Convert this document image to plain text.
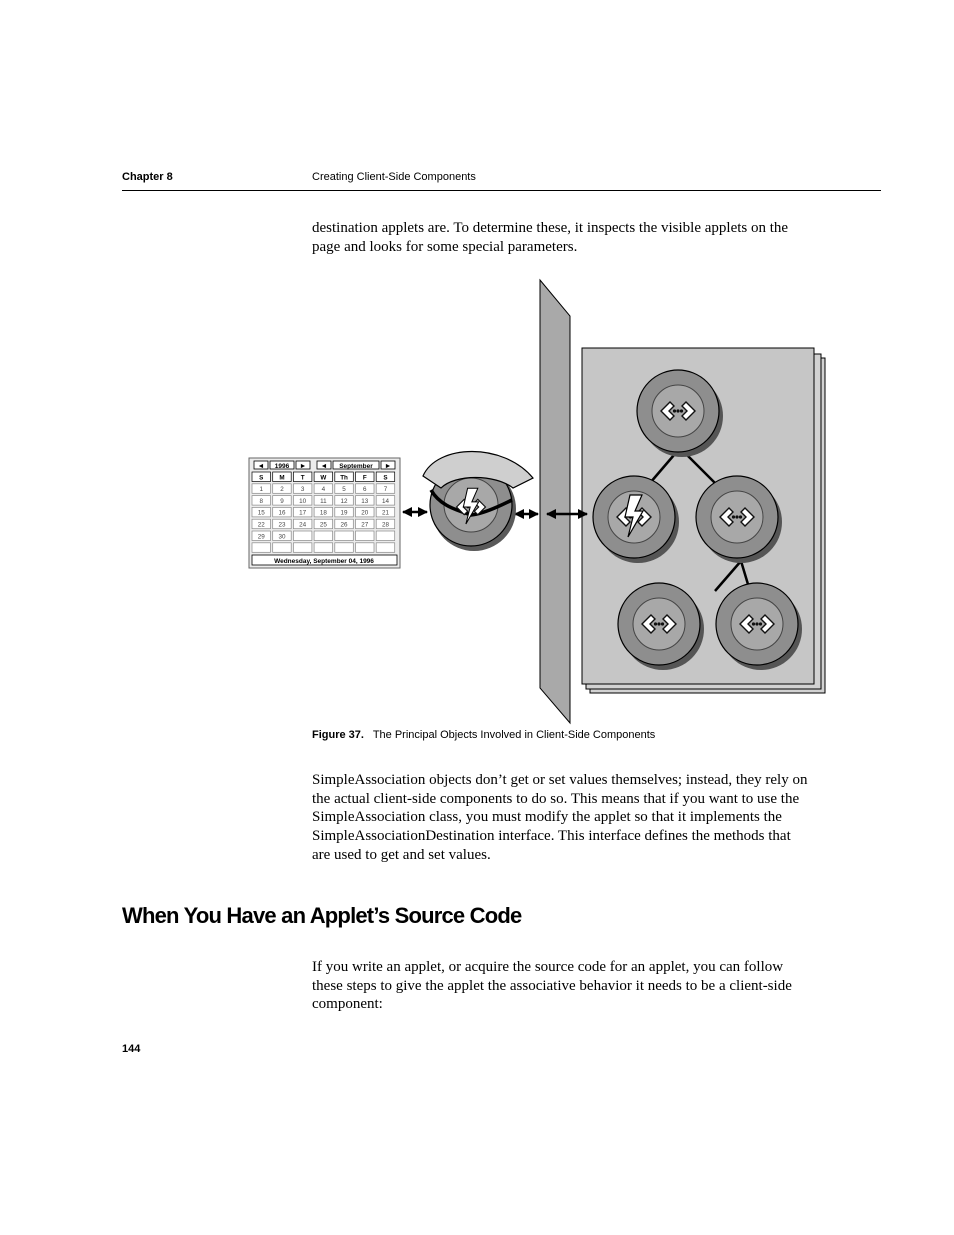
Chapter 8	Creating Client-Side Components

destination applets are. To determine these, it inspects the visible applets on the page and looks for some special parameters.

◄ 1996 ► ◄ September ►
S	M	T	W Th F	S
1	2	3	4	5	6	7
8	9 10 11 12 13 14
15 16 17 18 19 20 21
22 23 24 25 26 27 28
29 30
Wednesday, September 04, 1996
Figure 37. The Principal Objects Involved in Client-Side Components

SimpleAssociation objects don’t get or set values themselves; instead, they rely on the actual client-side components to do so. This means that if you want to use the SimpleAssociation class, you must modify the applet so that it implements the SimpleAssociationDestination interface. This interface defines the methods that are used to get and set values.

When You Have an Applet’s Source Code

If you write an applet, or acquire the source code for an applet, you can follow these steps to give the applet the associative behavior it needs to be a client-side component:

144
